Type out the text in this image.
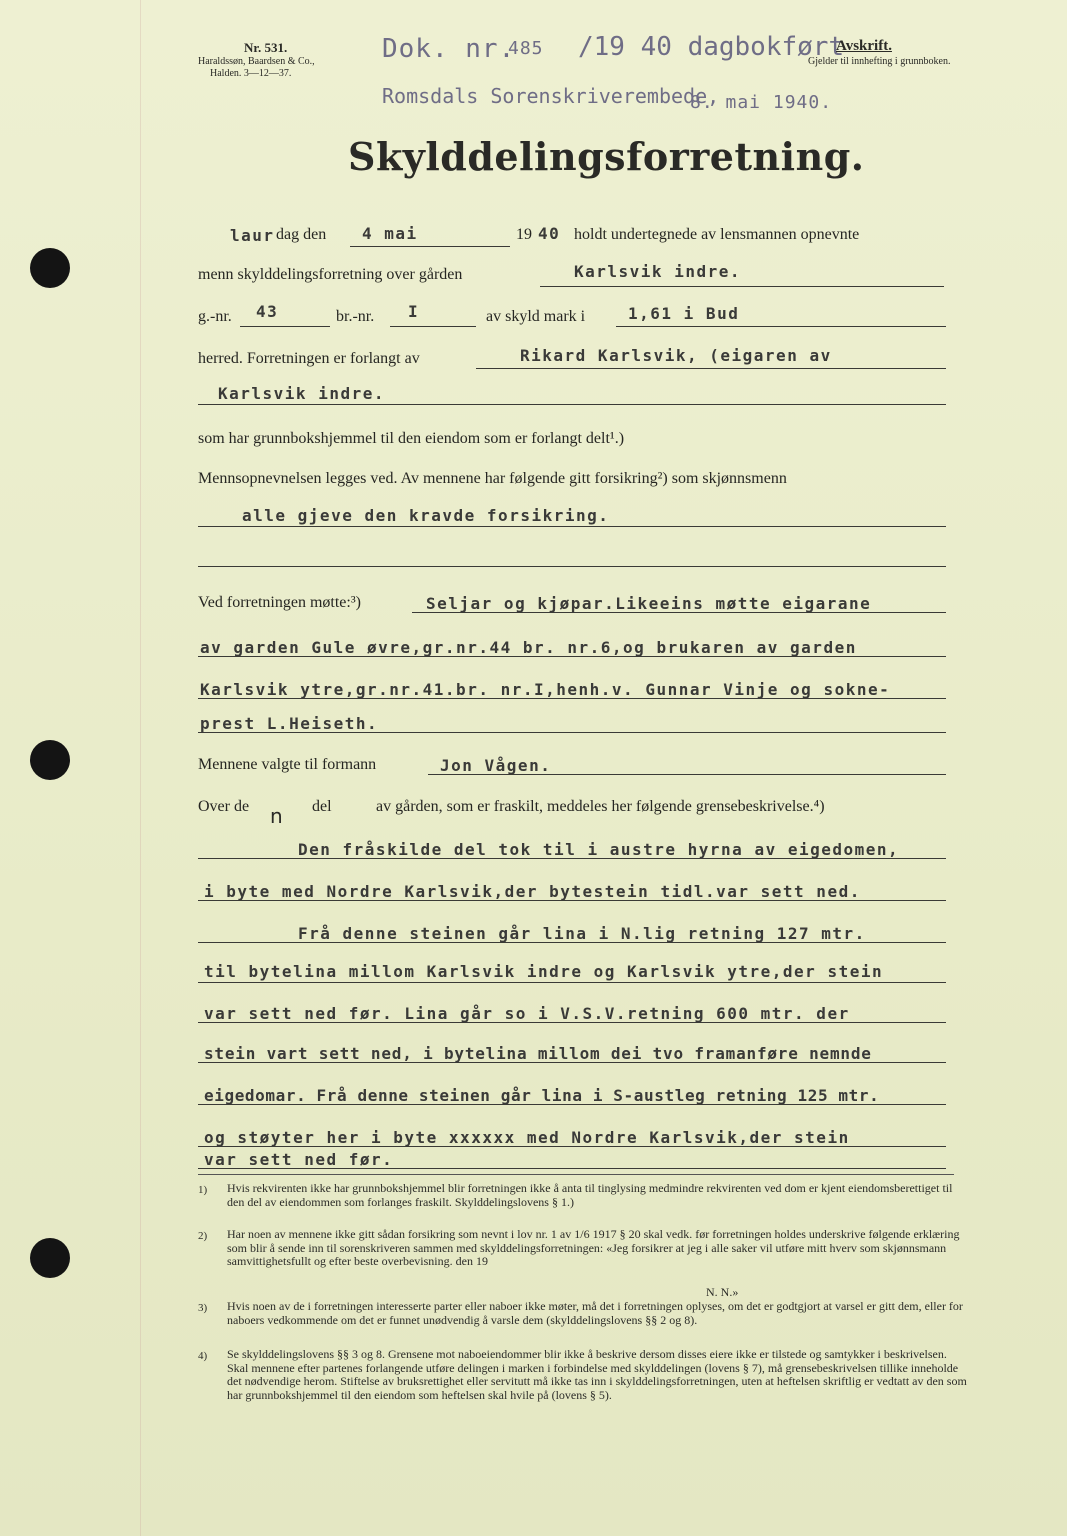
Nr. 531.
Haraldssøn, Baardsen & Co.,
Halden. 3—12—37.
Dok. nr.
485 /19 40 dagbokført
Romsdals Sorenskriverembede,
8. mai 1940.
Avskrift.
Gjelder til innhefting i grunnboken.
Skylddelingsforretning.
laur dag den 4 mai	19 40 holdt undertegnede av lensmannen opnevnte
menn skylddelingsforretning over gården	Karlsvik indre.
g.-nr. 43	br.-nr. I	av skyld mark i	1,61 i Bud
herred. Forretningen er forlangt av	Rikard Karlsvik, (eigaren av
Karlsvik indre.
som har grunnbokshjemmel til den eiendom som er forlangt delt¹.)
Mennsopnevnelsen legges ved. Av mennene har følgende gitt forsikring²) som skjønnsmenn
alle gjeve den kravde forsikring.
Ved forretningen møtte:³)	Seljar og kjøpar.Likeeins møtte eigarane
av garden Gule øvre,gr.nr.44 br. nr.6,og brukaren av garden
Karlsvik ytre,gr.nr.41.br. nr.I,henh.v. Gunnar Vinje og sokne-
prest L.Heiseth.
Mennene valgte til formann	Jon Vågen.
Over de n del	av gården, som er fraskilt, meddeles her følgende grensebeskrivelse.⁴)
Den fråskilde del tok til i austre hyrna av eigedomen,
i byte med Nordre Karlsvik,der bytestein tidl.var sett ned.
Frå denne steinen går lina i N.lig retning 127 mtr.
til bytelina millom Karlsvik indre og Karlsvik ytre,der stein
var sett ned før. Lina går so i V.S.V.retning 600 mtr. der
stein vart sett ned, i bytelina millom dei tvo framanføre nemnde
eigedomar. Frå denne steinen går lina i S-austleg retning 125 mtr.
og støyter her i byte xxxxxx med Nordre Karlsvik,der stein
var sett ned før.
1) Hvis rekvirenten ikke har grunnbokshjemmel blir forretningen ikke å anta til tinglysing medmindre rekvirenten ved dom er kjent eiendomsberettiget til den del av eiendommen som forlanges fraskilt. Skylddelingslovens § 1.)
2) Har noen av mennene ikke gitt sådan forsikring som nevnt i lov nr. 1 av 1/6 1917 § 20 skal vedk. før forretningen holdes underskrive følgende erklæring som blir å sende inn til sorenskriveren sammen med skylddelingsforretningen: «Jeg forsikrer at jeg i alle saker vil utføre mitt hverv som skjønnsmann samvittighetsfullt og efter beste overbevisning. den 19
N. N.»
3) Hvis noen av de i forretningen interesserte parter eller naboer ikke møter, må det i forretningen oplyses, om det er godtgjort at varsel er gitt dem, eller for naboers vedkommende om det er funnet unødvendig å varsle dem (skylddelingslovens §§ 2 og 8).
4) Se skylddelingslovens §§ 3 og 8. Grensene mot naboeiendommer blir ikke å beskrive dersom disses eiere ikke er tilstede og samtykker i beskrivelsen. Skal mennene efter partenes forlangende utføre delingen i marken i forbindelse med skylddelingen (lovens § 7), må grensebeskrivelsen tillike inneholde det nødvendige herom. Stiftelse av bruksrettighet eller servitutt må ikke tas inn i skylddelingsforretningen, uten at heftelsen skriftlig er vedtatt av den som har grunnbokshjemmel til den eiendom som heftelsen skal hvile på (lovens § 5).
